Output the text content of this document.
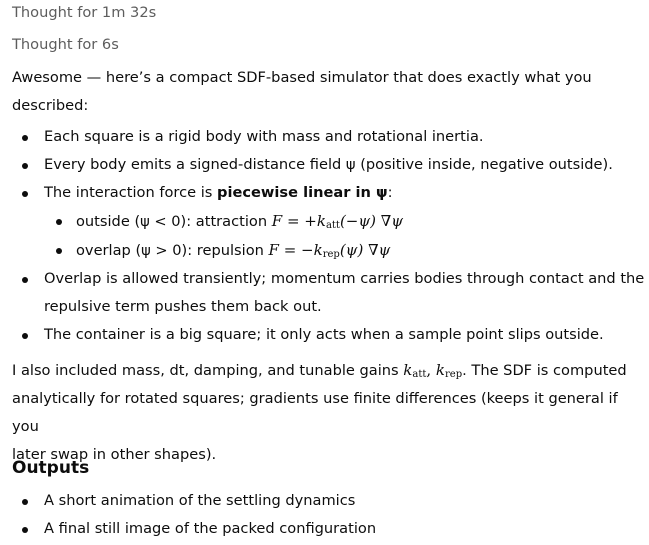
Thought for 1m 32s
Thought for 6s
Awesome — here’s a compact SDF-based simulator that does exactly what you
described:
Each square is a rigid body with mass and rotational inertia.
Every body emits a signed-distance field ψ (positive inside, negative outside).
The interaction force is piecewise linear in ψ:
outside (ψ < 0): attraction $F = +k_{att}(-\psi)$ ∇ψ
overlap (ψ > 0): repulsion $F = -k_{rep}(\psi)$ ∇ψ
Overlap is allowed transiently; momentum carries bodies through contact and the
repulsive term pushes them back out.
The container is a big square; it only acts when a sample point slips outside.
I also included mass, dt, damping, and tunable gains $k_{att}$, $k_{rep}$. The SDF is computed
analytically for rotated squares; gradients use finite differences (keeps it general if you
later swap in other shapes).
Outputs
A short animation of the settling dynamics
A final still image of the packed configuration
